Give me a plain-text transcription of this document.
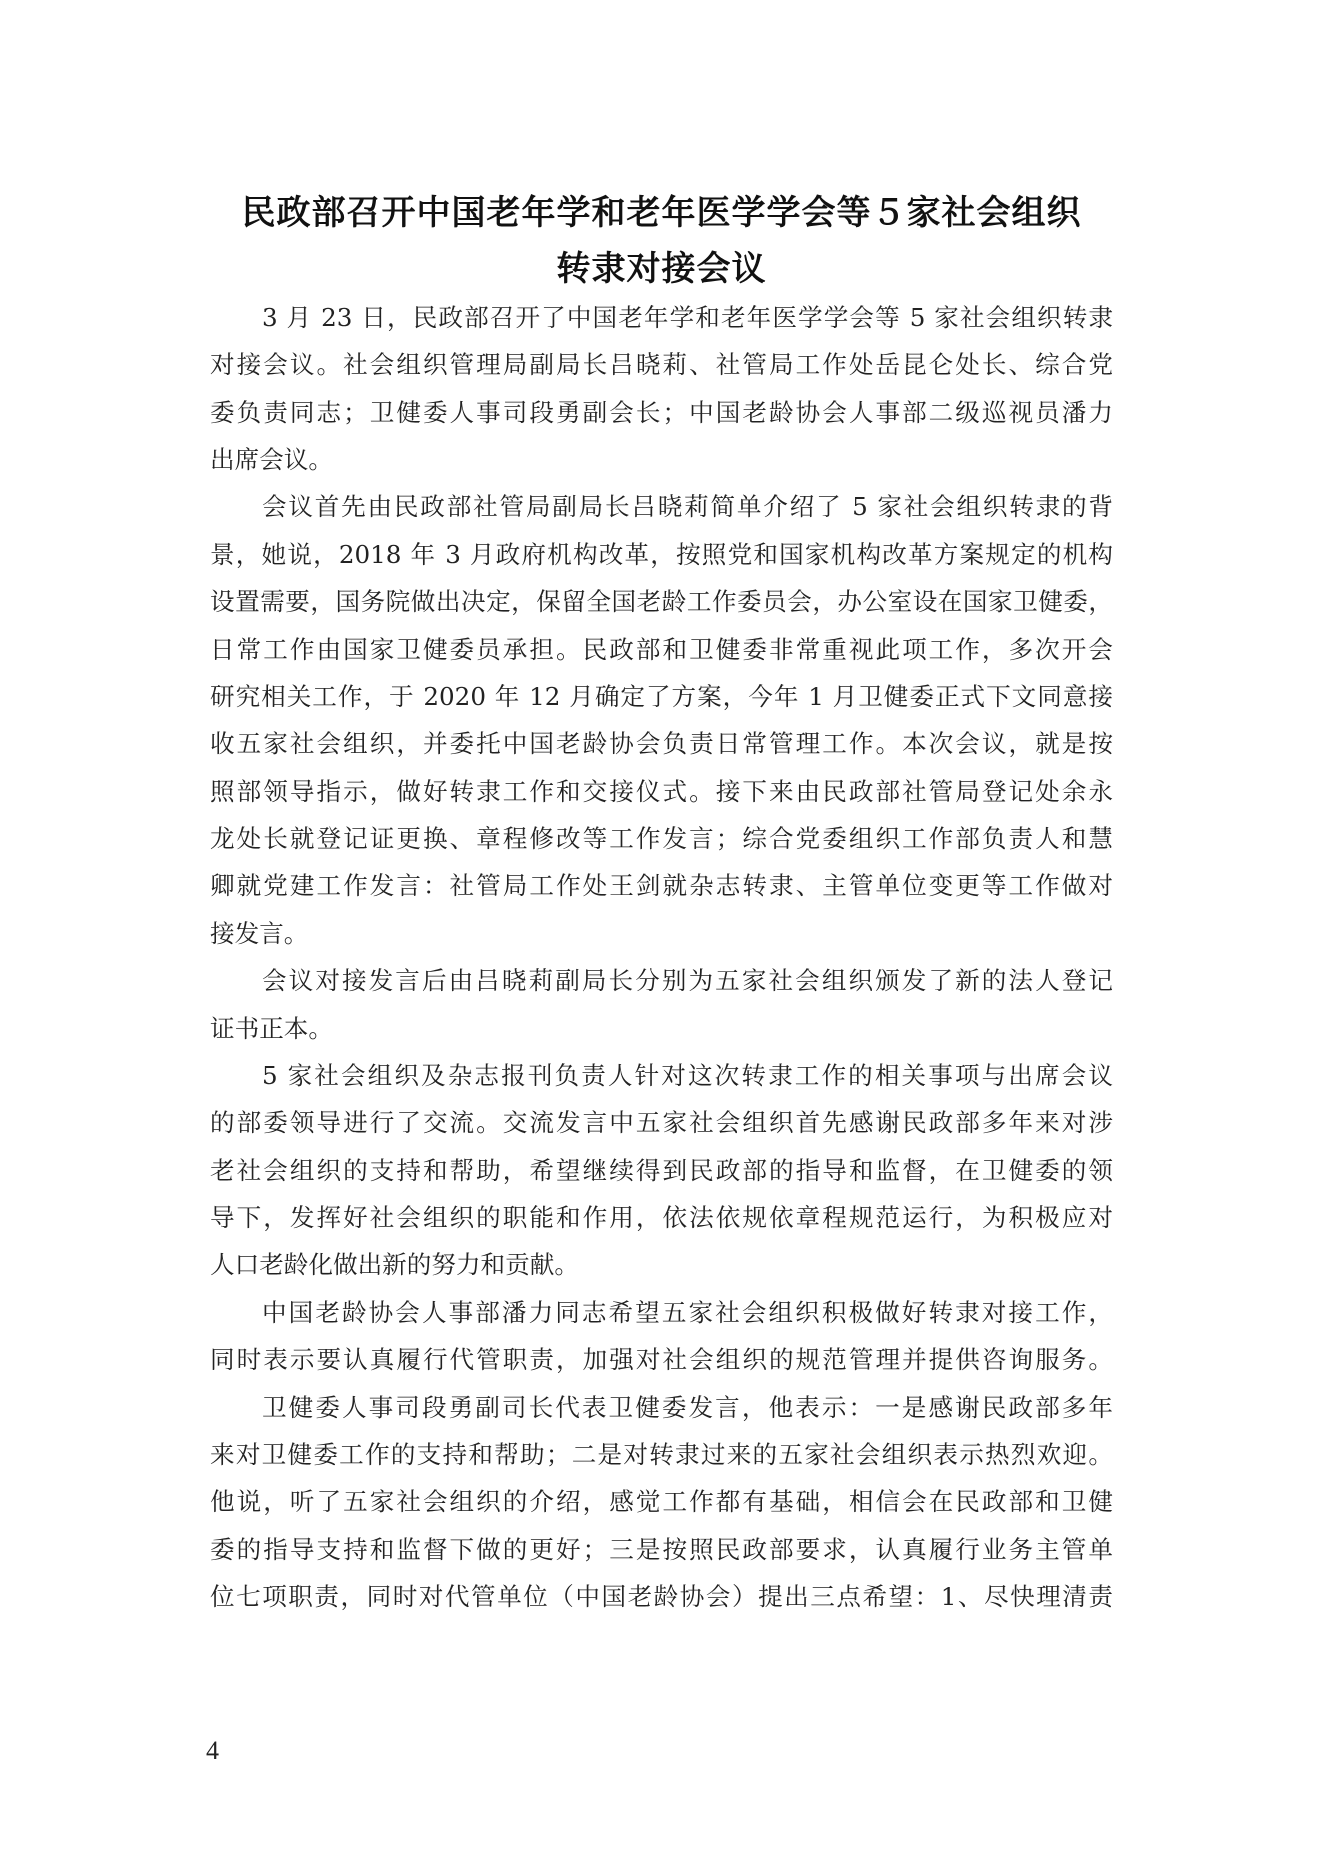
民政部召开中国老年学和老年医学学会等５家社会组织
转隶对接会议
3 月 23 日，民政部召开了中国老年学和老年医学学会等 5 家社会组织转隶
对接会议。社会组织管理局副局长吕晓莉、社管局工作处岳昆仑处长、综合党
委负责同志；卫健委人事司段勇副会长；中国老龄协会人事部二级巡视员潘力
出席会议。
会议首先由民政部社管局副局长吕晓莉简单介绍了 5 家社会组织转隶的背
景，她说，2018 年 3 月政府机构改革，按照党和国家机构改革方案规定的机构
设置需要，国务院做出决定，保留全国老龄工作委员会，办公室设在国家卫健委，
日常工作由国家卫健委员承担。民政部和卫健委非常重视此项工作，多次开会
研究相关工作，于 2020 年 12 月确定了方案，今年 1 月卫健委正式下文同意接
收五家社会组织，并委托中国老龄协会负责日常管理工作。本次会议，就是按
照部领导指示，做好转隶工作和交接仪式。接下来由民政部社管局登记处余永
龙处长就登记证更换、章程修改等工作发言；综合党委组织工作部负责人和慧
卿就党建工作发言：社管局工作处王剑就杂志转隶、主管单位变更等工作做对
接发言。
会议对接发言后由吕晓莉副局长分别为五家社会组织颁发了新的法人登记
证书正本。
5 家社会组织及杂志报刊负责人针对这次转隶工作的相关事项与出席会议
的部委领导进行了交流。交流发言中五家社会组织首先感谢民政部多年来对涉
老社会组织的支持和帮助，希望继续得到民政部的指导和监督，在卫健委的领
导下，发挥好社会组织的职能和作用，依法依规依章程规范运行，为积极应对
人口老龄化做出新的努力和贡献。
中国老龄协会人事部潘力同志希望五家社会组织积极做好转隶对接工作，
同时表示要认真履行代管职责，加强对社会组织的规范管理并提供咨询服务。
卫健委人事司段勇副司长代表卫健委发言，他表示：一是感谢民政部多年
来对卫健委工作的支持和帮助；二是对转隶过来的五家社会组织表示热烈欢迎。
他说，听了五家社会组织的介绍，感觉工作都有基础，相信会在民政部和卫健
委的指导支持和监督下做的更好；三是按照民政部要求，认真履行业务主管单
位七项职责，同时对代管单位（中国老龄协会）提出三点希望：1、尽快理清责
4
